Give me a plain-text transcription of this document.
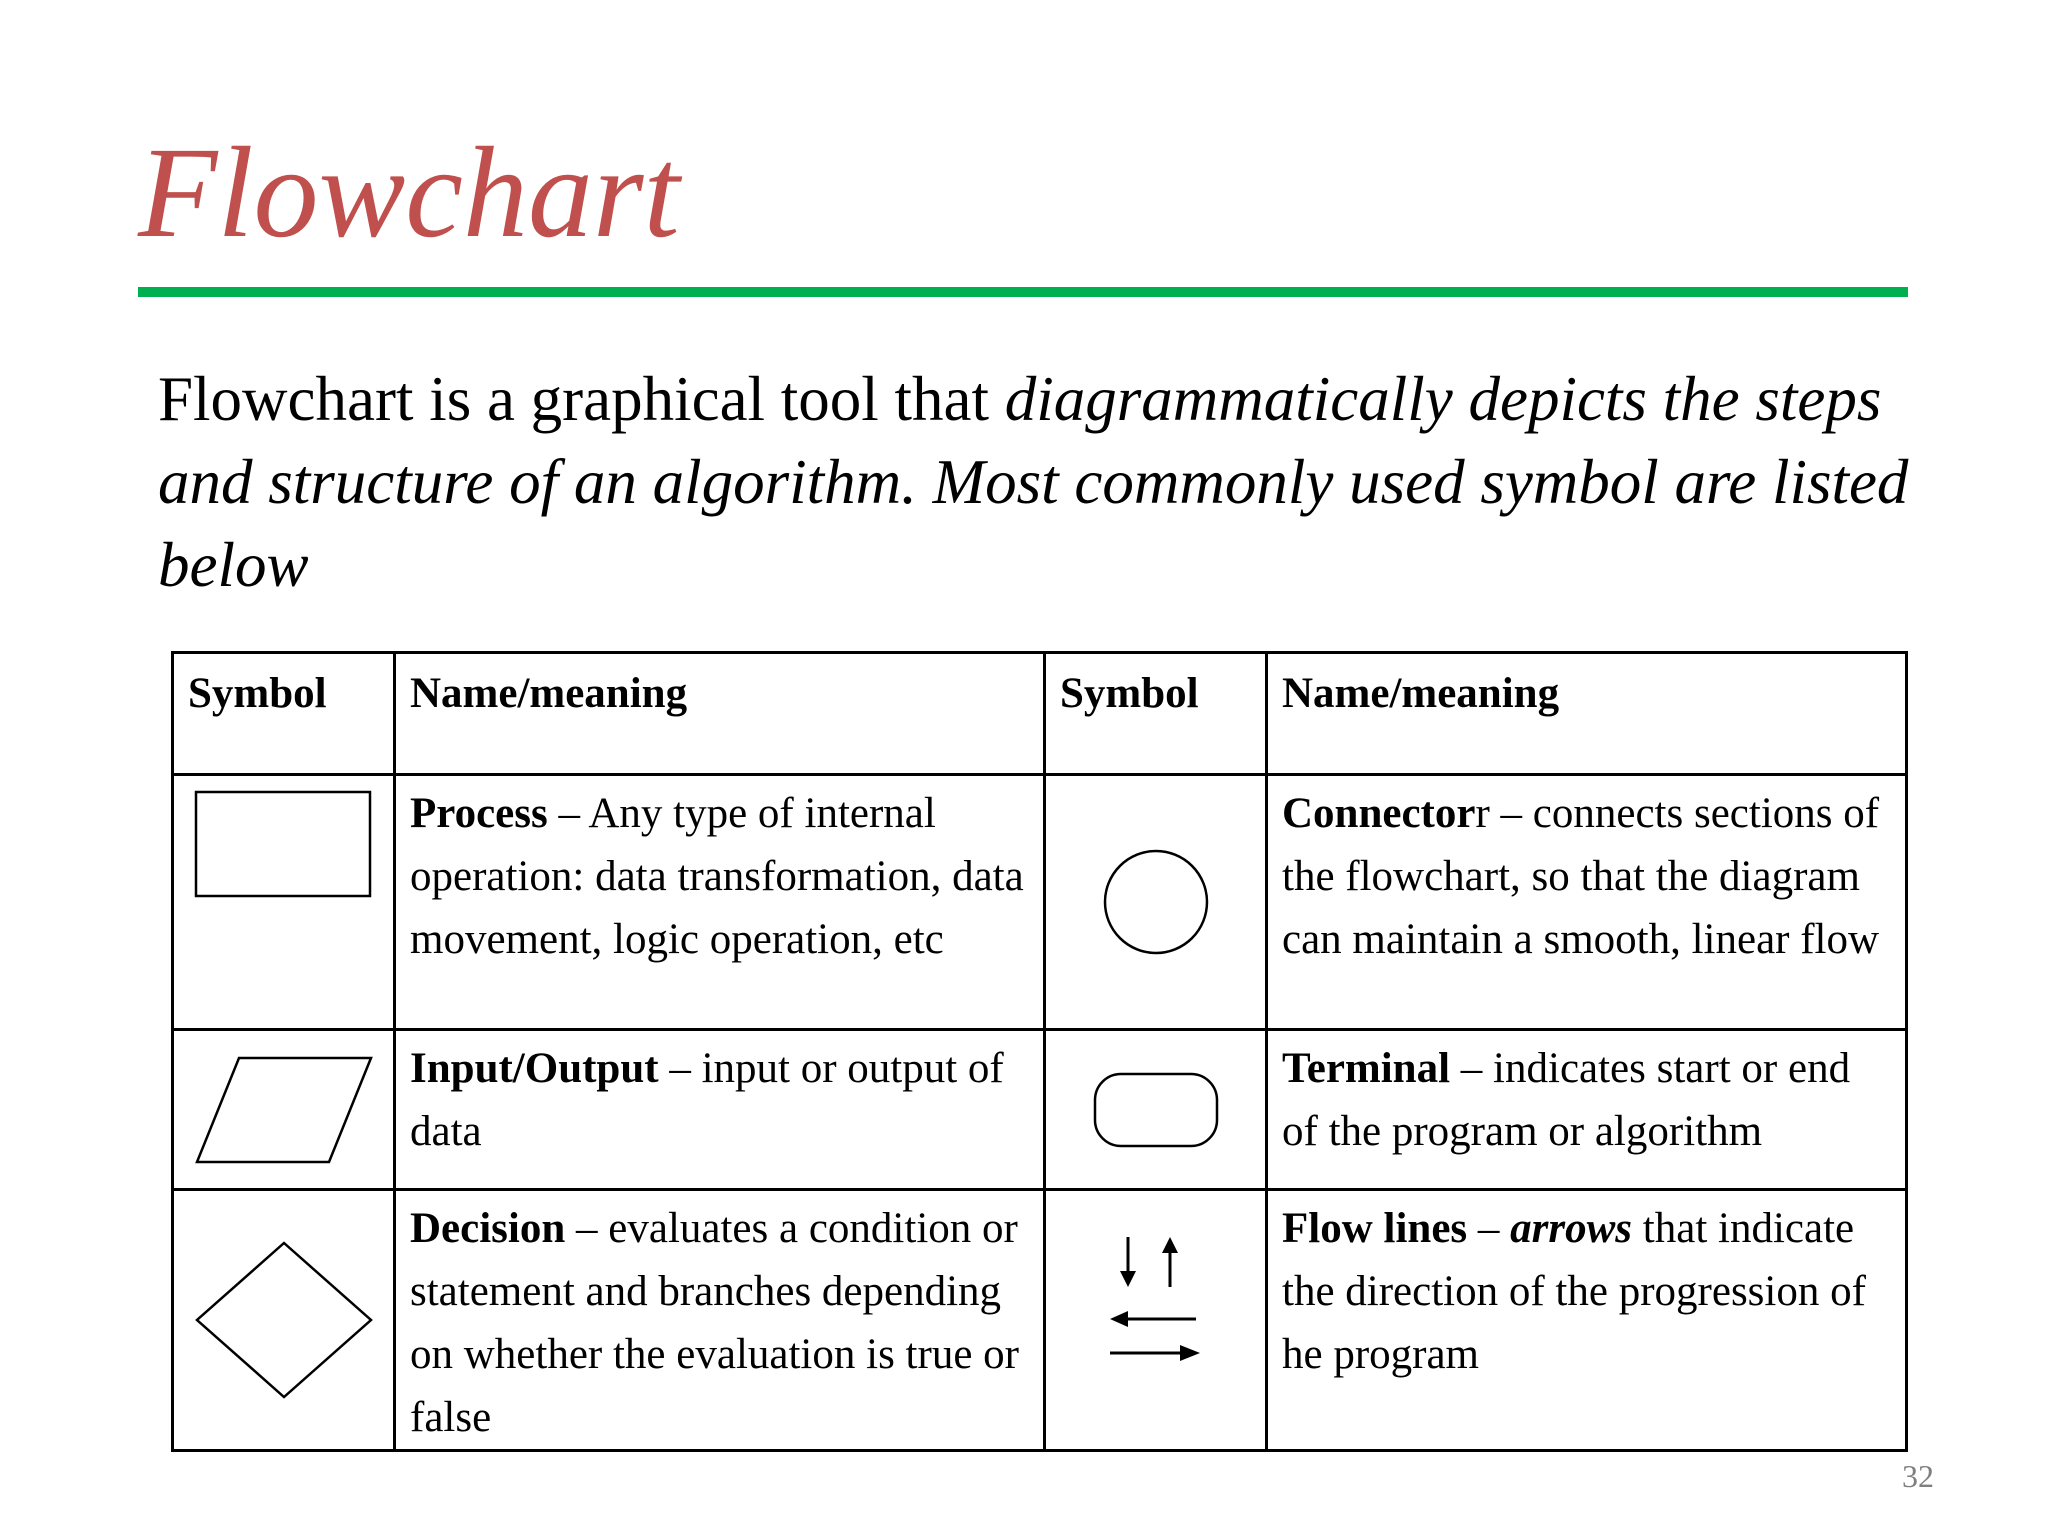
Flowchart
Flowchart is a graphical tool that diagrammatically depicts the steps and structure of an algorithm. Most commonly used symbol are listed below
Symbol	Name/meaning	Symbol	Name/meaning

	Process – Any type of internal operation: data transformation, data movement, logic operation, etc		Connectorr – connects sections of the flowchart, so that the diagram can maintain a smooth, linear flow

	Input/Output – input or output of data		Terminal – indicates start or end of the program or algorithm

	Decision – evaluates a condition or statement and branches depending on whether the evaluation is true or false		Flow lines – arrows that indicate the direction of the progression of he program
32
